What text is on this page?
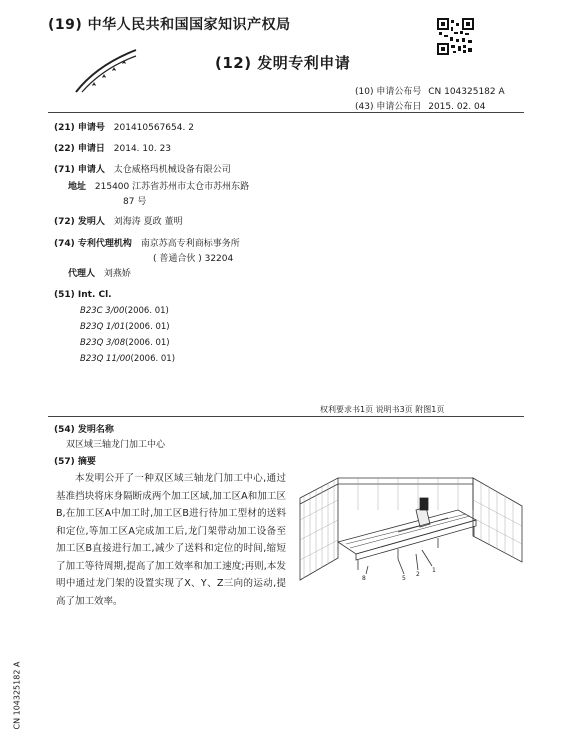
(19) 中华人民共和国国家知识产权局
(12) 发明专利申请
(10) 申请公布号 CN 104325182 A
(43) 申请公布日 2015. 02. 04
(21) 申请号 201410567654. 2
(22) 申请日 2014. 10. 23
(71) 申请人 太仓威格玛机械设备有限公司
地址 215400 江苏省苏州市太仓市苏州东路
87 号
(72) 发明人 刘海涛 夏政 董明
(74) 专利代理机构 南京苏高专利商标事务所
( 普通合伙 ) 32204
代理人 刘燕娇
(51) Int. Cl.
B23C 3/00(2006. 01)
B23Q 1/01(2006. 01)
B23Q 3/08(2006. 01)
B23Q 11/00(2006. 01)
权利要求书1页 说明书3页 附图1页
(54) 发明名称
双区域三轴龙门加工中心
(57) 摘要
本发明公开了一种双区域三轴龙门加工中心,通过基准挡块将床身隔断成两个加工区域,加工区A和加工区B,在加工区A中加工时,加工区B进行待加工型材的送料和定位,等加工区A完成加工后,龙门架带动加工设备至加工区B直接进行加工,减少了送料和定位的时间,缩短了加工等待周期,提高了加工效率和加工速度;再则,本发明中通过龙门架的设置实现了X、Y、Z三向的运动,提高了加工效率。
8	5
2
1
CN 104325182 A
